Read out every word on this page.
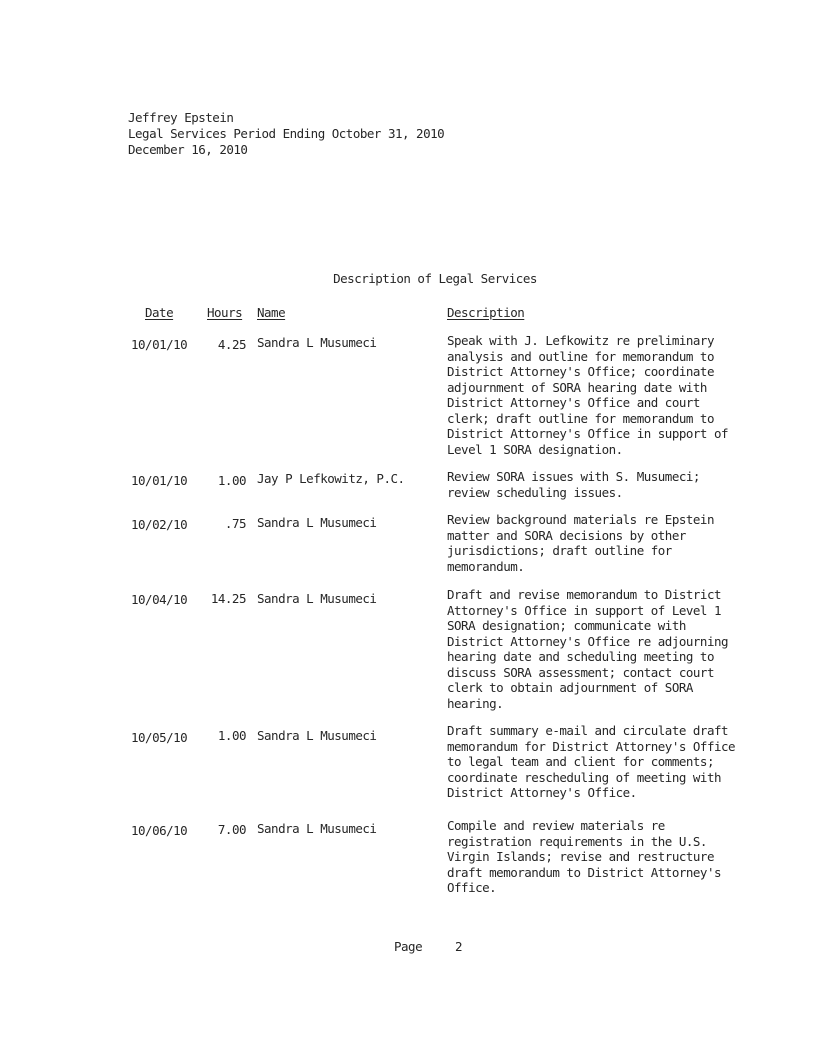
Jeffrey Epstein
Legal Services Period Ending October 31, 2010
December 16, 2010
Description of Legal Services
Date	Hours Name	Description
10/01/10	4.25 Sandra L Musumeci	Speak with J. Lefkowitz re preliminary
analysis and outline for memorandum to
District Attorney's Office; coordinate
adjournment of SORA hearing date with
District Attorney's Office and court
clerk; draft outline for memorandum to
District Attorney's Office in support of
Level 1 SORA designation.
10/01/10	1.00 Jay P Lefkowitz, P.C.	Review SORA issues with S. Musumeci;
review scheduling issues.
10/02/10	.75 Sandra L Musumeci	Review background materials re Epstein
matter and SORA decisions by other
jurisdictions; draft outline for
memorandum.
10/04/10	14.25 Sandra L Musumeci	Draft and revise memorandum to District
Attorney's Office in support of Level 1
SORA designation; communicate with
District Attorney's Office re adjourning
hearing date and scheduling meeting to
discuss SORA assessment; contact court
clerk to obtain adjournment of SORA
hearing.
10/05/10	1.00 Sandra L Musumeci	Draft summary e-mail and circulate draft
memorandum for District Attorney's Office
to legal team and client for comments;
coordinate rescheduling of meeting with
District Attorney's Office.
10/06/10	7.00 Sandra L Musumeci	Compile and review materials re
registration requirements in the U.S.
Virgin Islands; revise and restructure
draft memorandum to District Attorney's
Office.
Page	2
